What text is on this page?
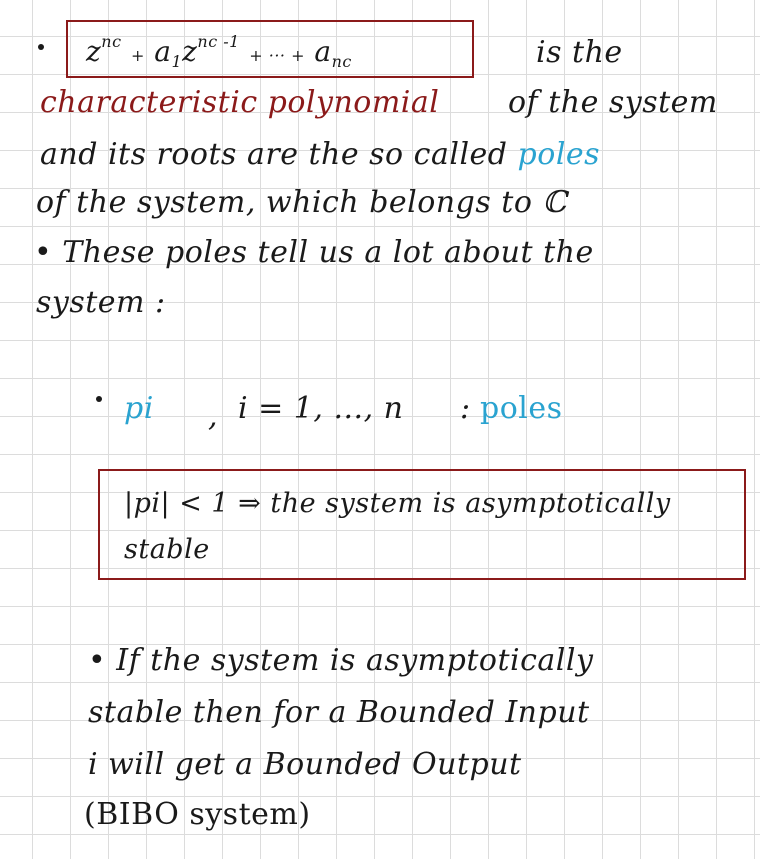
$z^{nc} + a_1z^{nc -1}$ + ··· + $a_{nc}$	is the
characteristic polynomial of the system
and its roots are the so called poles
of the system, which belongs to ℂ
• These poles tell us a lot about the
system :
pi , i = 1, ..., n : poles
|pi| < 1 ⇒ the system is asymptotically
stable
• If the system is asymptotically
stable then for a Bounded Input
i will get a Bounded Output
(BIBO system)
